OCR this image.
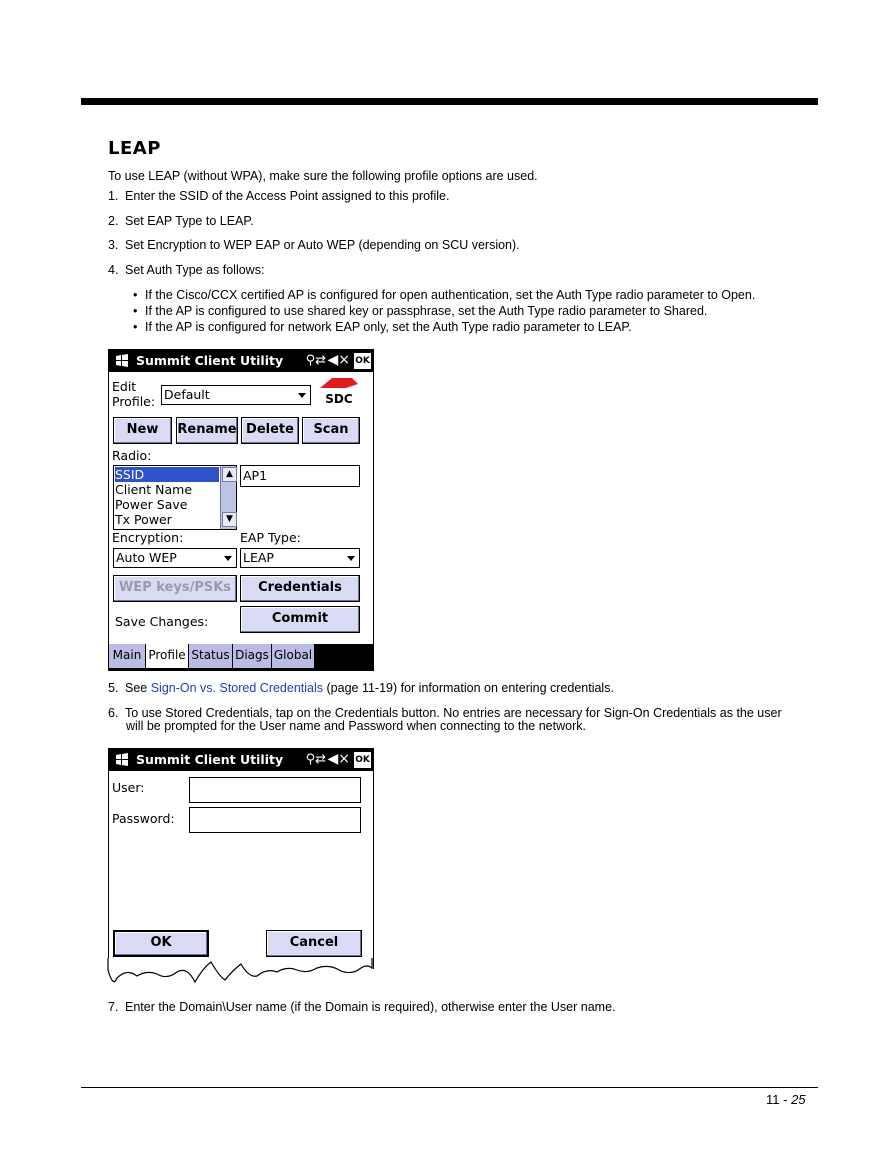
LEAP
To use LEAP (without WPA), make sure the following profile options are used.
1. Enter the SSID of the Access Point assigned to this profile.
2. Set EAP Type to LEAP.
3. Set Encryption to WEP EAP or Auto WEP (depending on SCU version).
4. Set Auth Type as follows:
• If the Cisco/CCX certified AP is configured for open authentication, set the Auth Type radio parameter to Open.
• If the AP is configured to use shared key or passphrase, set the Auth Type radio parameter to Shared.
• If the AP is configured for network EAP only, set the Auth Type radio parameter to LEAP.
Summit Client Utility ⚲⇄ ◀× OK
Edit
Profile: Default	SDC
New	Rename Delete	Scan
Radio:
SSID
Client Name
Power Save
Tx Power
▲
▼
AP1
Encryption:	EAP Type:
Auto WEP	LEAP
WEP keys/PSKs	Credentials
Save Changes:	Commit
Main Profile Status Diags Global
5. See Sign-On vs. Stored Credentials (page 11-19) for information on entering credentials.
6. To use Stored Credentials, tap on the Credentials button. No entries are necessary for Sign-On Credentials as the user
will be prompted for the User name and Password when connecting to the network.
Summit Client Utility ⚲⇄ ◀× OK
User:
Password:
OK	Cancel
7. Enter the Domain\User name (if the Domain is required), otherwise enter the User name.
11 - 25
